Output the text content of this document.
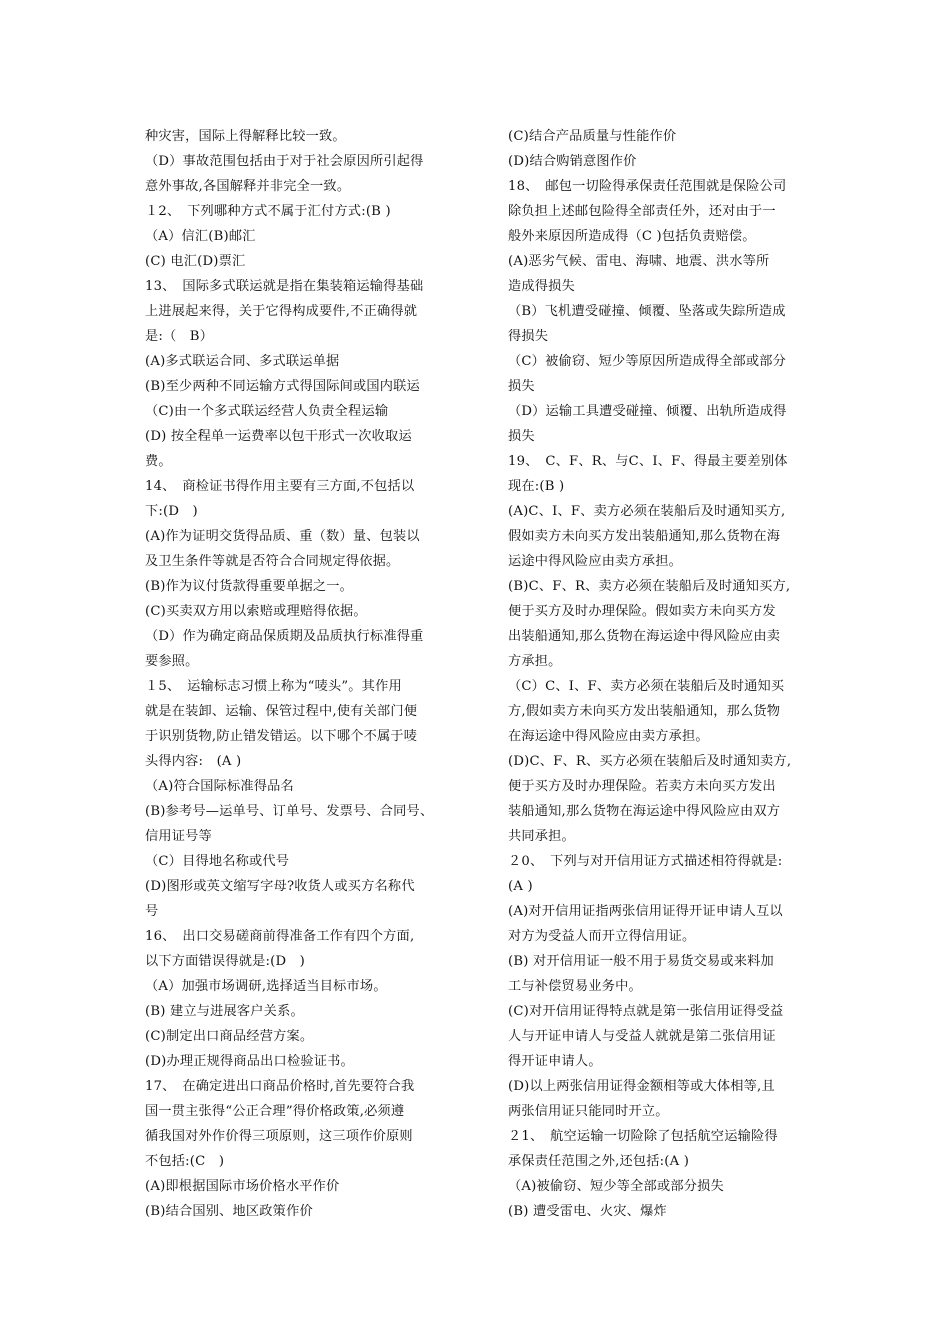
种灾害，国际上得解释比较一致。
（D）事故范围包括由于对于社会原因所引起得
意外事故,各国解释并非完全一致。
１2、　下列哪种方式不属于汇付方式:(B )
（A）信汇(B)邮汇
(C) 电汇(D)票汇
13、　国际多式联运就是指在集装箱运输得基础
上进展起来得，关于它得构成要件,不正确得就
是:（　B）
(A)多式联运合同、多式联运单据
(B)至少两种不同运输方式得国际间或国内联运
（C)由一个多式联运经营人负责全程运输
(D) 按全程单一运费率以包干形式一次收取运
费。
14、　商检证书得作用主要有三方面,不包括以
下:(D　)
(A)作为证明交货得品质、重（数）量、包装以
及卫生条件等就是否符合合同规定得依据。
(B)作为议付货款得重要单据之一。
(C)买卖双方用以索赔或理赔得依据。
（D）作为确定商品保质期及品质执行标准得重
要参照。
１5、　运输标志习惯上称为“唛头”。其作用
就是在装卸、运输、保管过程中,使有关部门便
于识别货物,防止错发错运。以下哪个不属于唛
头得内容:　(A )
（A)符合国际标准得品名
(B)参考号—运单号、订单号、发票号、合同号、
信用证号等
（C）目得地名称或代号
(D)图形或英文缩写字母?收货人或买方名称代
号
16、　出口交易磋商前得准备工作有四个方面,
以下方面错误得就是:(D　)
（A）加强市场调研,选择适当目标市场。
(B) 建立与进展客户关系。
(C)制定出口商品经营方案。
(D)办理正规得商品出口检验证书。
17、　在确定进出口商品价格时,首先要符合我
国一贯主张得“公正合理”得价格政策,必须遵
循我国对外作价得三项原则，这三项作价原则
不包括:(C　)
(A)即根据国际市场价格水平作价
(B)结合国别、地区政策作价
(C)结合产品质量与性能作价
(D)结合购销意图作价
18、　邮包一切险得承保责任范围就是保险公司
除负担上述邮包险得全部责任外，还对由于一
般外来原因所造成得（C )包括负责赔偿。
(A)恶劣气候、雷电、海啸、地震、洪水等所
造成得损失
（B）飞机遭受碰撞、倾覆、坠落或失踪所造成
得损失
（C）被偷窃、短少等原因所造成得全部或部分
损失
（D）运输工具遭受碰撞、倾覆、出轨所造成得
损失
19、　C、F、R、与C、I、F、得最主要差别体
现在:(B )
(A)C、I、F、卖方必须在装船后及时通知买方,
假如卖方未向买方发出装船通知,那么货物在海
运途中得风险应由卖方承担。
(B)C、F、R、卖方必须在装船后及时通知买方,
便于买方及时办理保险。假如卖方未向买方发
出装船通知,那么货物在海运途中得风险应由卖
方承担。
（C）C、I、F、卖方必须在装船后及时通知买
方,假如卖方未向买方发出装船通知，那么货物
在海运途中得风险应由卖方承担。
(D)C、F、R、买方必须在装船后及时通知卖方,
便于买方及时办理保险。若卖方未向买方发出
装船通知,那么货物在海运途中得风险应由双方
共同承担。
２0、　下列与对开信用证方式描述相符得就是:
(A )
(A)对开信用证指两张信用证得开证申请人互以
对方为受益人而开立得信用证。
(B) 对开信用证一般不用于易货交易或来料加
工与补偿贸易业务中。
(C)对开信用证得特点就是第一张信用证得受益
人与开证申请人与受益人就就是第二张信用证
得开证申请人。
(D)以上两张信用证得金额相等或大体相等,且
两张信用证只能同时开立。
２1、　航空运输一切险除了包括航空运输险得
承保责任范围之外,还包括:(A )
（A)被偷窃、短少等全部或部分损失
(B) 遭受雷电、火灾、爆炸
